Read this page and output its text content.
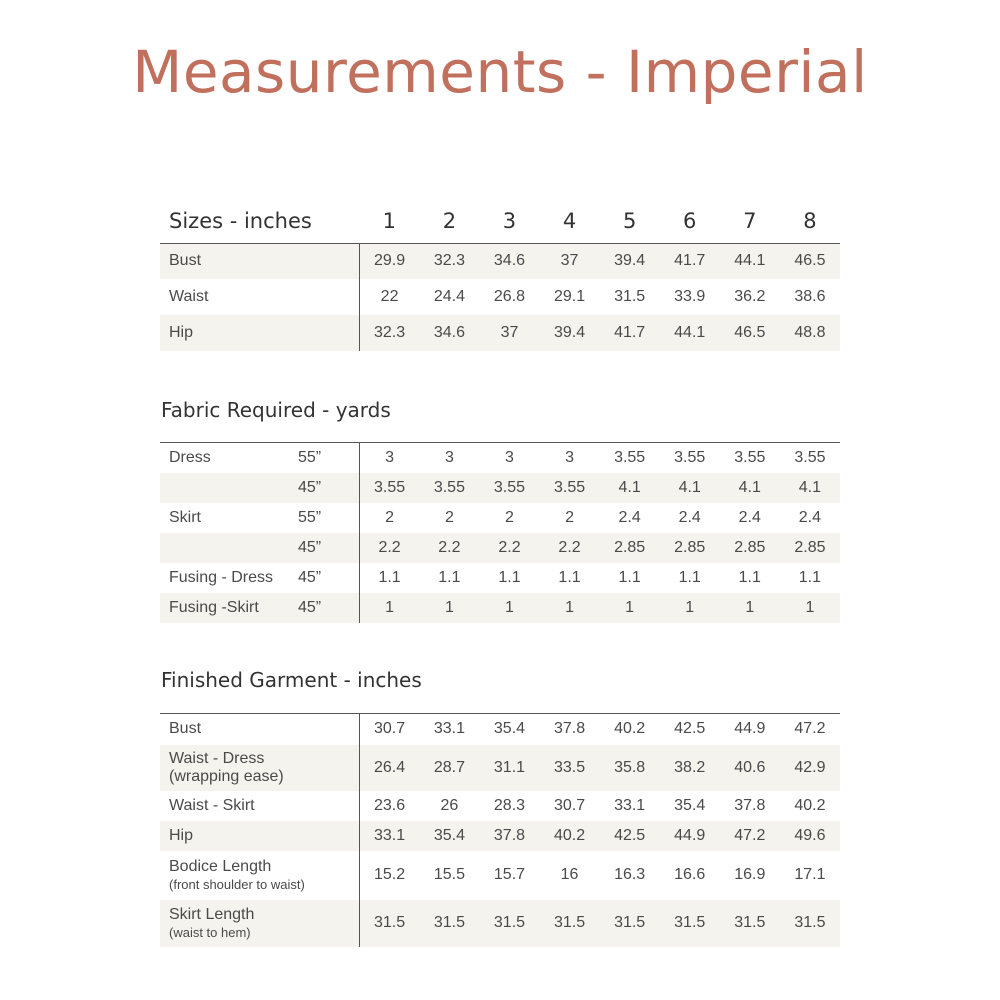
Measurements - Imperial
Sizes - inches	1	2	3	4	5	6	7	8
Bust	29.9	32.3	34.6	37	39.4	41.7	44.1	46.5
Waist	22	24.4	26.8	29.1	31.5	33.9	36.2	38.6
Hip	32.3	34.6	37	39.4	41.7	44.1	46.5	48.8
Fabric Required - yards
Dress 55”	3	3	3	3	3.55	3.55	3.55	3.55

45”	3.55	3.55	3.55	3.55	4.1	4.1	4.1	4.1
Skirt 55”	2	2	2	2	2.4	2.4	2.4	2.4

45”	2.2	2.2	2.2	2.2	2.85	2.85	2.85	2.85
Fusing - Dress 45”	1.1	1.1	1.1	1.1	1.1	1.1	1.1	1.1
Fusing -Skirt 45”	1	1	1	1	1	1	1	1
Finished Garment - inches
Bust	30.7	33.1	35.4	37.8	40.2	42.5	44.9	47.2
Waist - Dress
(wrapping ease)	26.4	28.7	31.1	33.5	35.8	38.2	40.6	42.9
Waist - Skirt	23.6	26	28.3	30.7	33.1	35.4	37.8	40.2
Hip	33.1	35.4	37.8	40.2	42.5	44.9	47.2	49.6
Bodice Length
(front shoulder to waist)	15.2	15.5	15.7	16	16.3	16.6	16.9	17.1
Skirt Length
(waist to hem)	31.5	31.5	31.5	31.5	31.5	31.5	31.5	31.5
